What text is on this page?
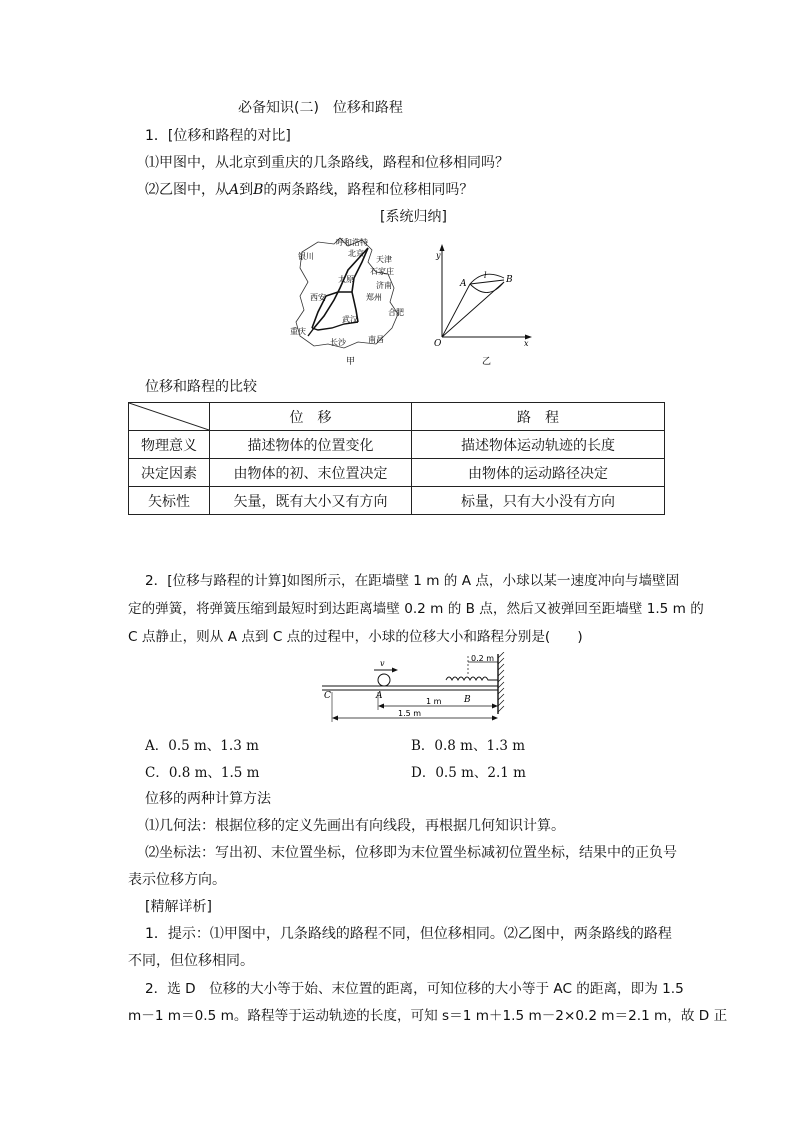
必备知识(二)　位移和路程
1．[位移和路程的对比]
⑴甲图中，从北京到重庆的几条路线，路程和位移相同吗？
⑵乙图中，从A到B的两条路线，路程和位移相同吗？
[系统归纳]
呼和浩特
北京
天津
银川
石家庄
太原
济南
西安	郑州
合肥
武汉
重庆
长沙	南昌
甲
y
x
O
A	B
l
乙
位移和路程的比较
	位　移	路　程
物理意义	描述物体的位置变化	描述物体运动轨迹的长度
决定因素	由物体的初、末位置决定	由物体的运动路径决定
矢标性	矢量，既有大小又有方向	标量，只有大小没有方向
2．[位移与路程的计算]如图所示，在距墙壁 1 m 的 A 点，小球以某一速度冲向与墙壁固
定的弹簧，将弹簧压缩到最短时到达距离墙壁 0.2 m 的 B 点，然后又被弹回至距墙壁 1.5 m 的
C 点静止，则从 A 点到 C 点的过程中，小球的位移大小和路程分别是(　　)
v
0.2 m
C	A	B
1 m
1.5 m
A．0.5 m、1.3 m	B．0.8 m、1.3 m
C．0.8 m、1.5 m	D．0.5 m、2.1 m
位移的两种计算方法
⑴几何法：根据位移的定义先画出有向线段，再根据几何知识计算。
⑵坐标法：写出初、末位置坐标，位移即为末位置坐标减初位置坐标，结果中的正负号
表示位移方向。
[精解详析]
1．提示：⑴甲图中，几条路线的路程不同，但位移相同。⑵乙图中，两条路线的路程
不同，但位移相同。
2．选 D　位移的大小等于始、末位置的距离，可知位移的大小等于 AC 的距离，即为 1.5
m－1 m＝0.5 m。路程等于运动轨迹的长度，可知 s＝1 m＋1.5 m－2×0.2 m＝2.1 m，故 D 正
